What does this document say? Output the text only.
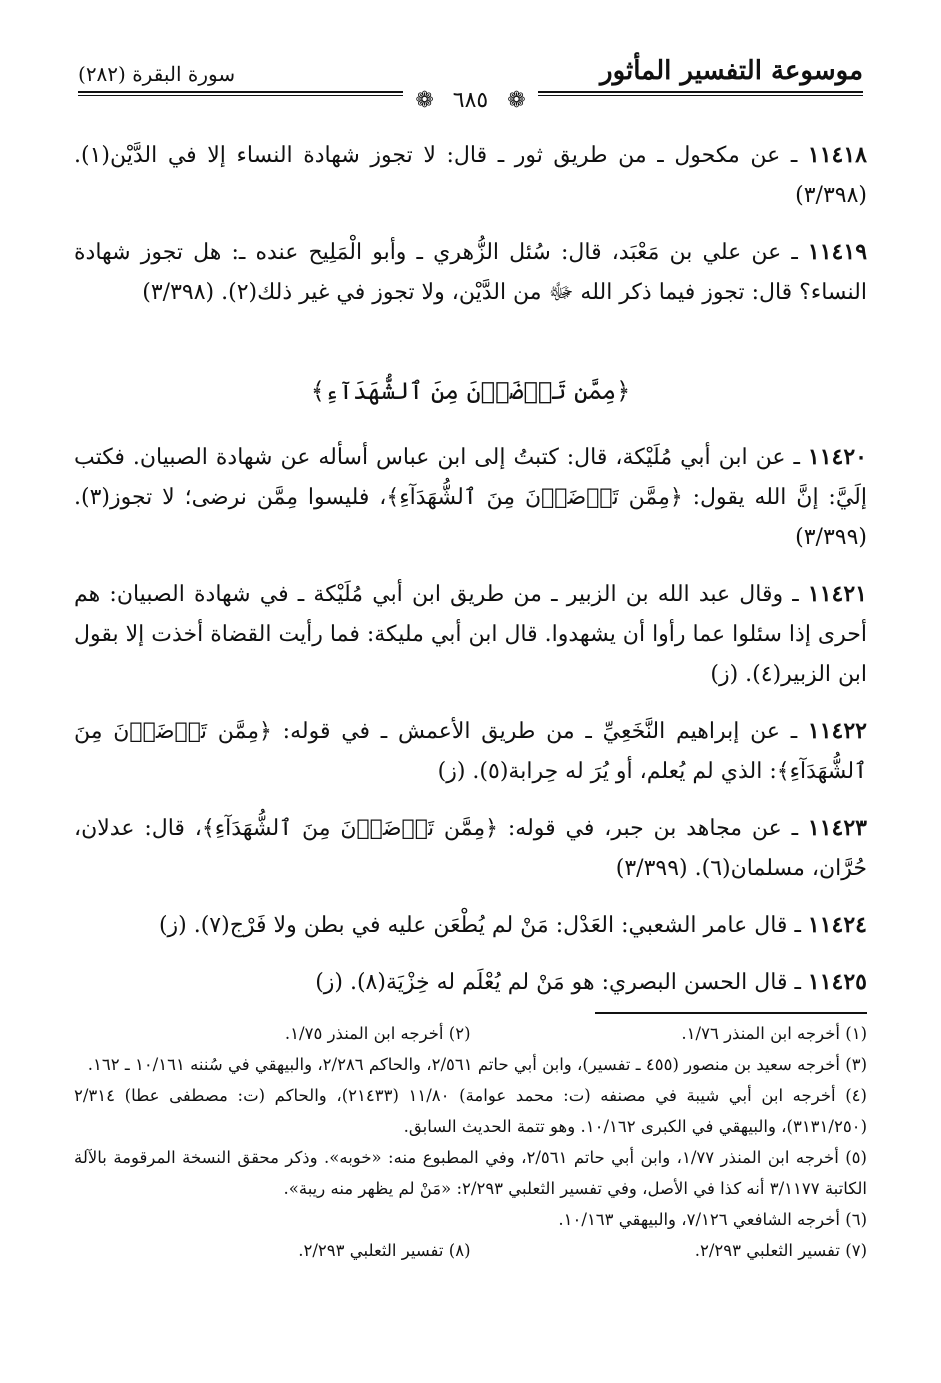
موسوعة التفسير المأثور
سورة البقرة (٢٨٢)
❁ ٦٨٥ ❁

١١٤١٨ ـ عن مكحول ـ من طريق ثور ـ قال: لا تجوز شهادة النساء إلا في الدَّيْن(١). (٣/٣٩٨)

١١٤١٩ ـ عن علي بن مَعْبَد، قال: سُئل الزُّهري ـ وأبو الْمَلِيح عنده ـ: هل تجوز شهادة النساء؟ قال: تجوز فيما ذكر الله ﷻ من الدَّيْن، ولا تجوز في غير ذلك(٢). (٣/٣٩٨)

﴿مِمَّن تَرۡضَوۡنَ مِنَ ٱلشُّهَدَآءِ﴾

١١٤٢٠ ـ عن ابن أبي مُلَيْكة، قال: كتبتُ إلى ابن عباس أسأله عن شهادة الصبيان. فكتب إلَيَّ: إنَّ الله يقول: ﴿مِمَّن تَرۡضَوۡنَ مِنَ ٱلشُّهَدَآءِ﴾، فليسوا مِمَّن نرضى؛ لا تجوز(٣). (٣/٣٩٩)

١١٤٢١ ـ وقال عبد الله بن الزبير ـ من طريق ابن أبي مُلَيْكة ـ في شهادة الصبيان: هم أحرى إذا سئلوا عما رأوا أن يشهدوا. قال ابن أبي مليكة: فما رأيت القضاة أخذت إلا بقول ابن الزبير(٤). (ز)

١١٤٢٢ ـ عن إبراهيم النَّخَعِيِّ ـ من طريق الأعمش ـ في قوله: ﴿مِمَّن تَرۡضَوۡنَ مِنَ ٱلشُّهَدَآءِ﴾: الذي لم يُعلم، أو يُرَ له حِرابة(٥). (ز)

١١٤٢٣ ـ عن مجاهد بن جبر، في قوله: ﴿مِمَّن تَرۡضَوۡنَ مِنَ ٱلشُّهَدَآءِ﴾، قال: عدلان، حُرَّان، مسلمان(٦). (٣/٣٩٩)

١١٤٢٤ ـ قال عامر الشعبي: العَدْل: مَنْ لم يُطْعَن عليه في بطن ولا فَرْج(٧). (ز)

١١٤٢٥ ـ قال الحسن البصري: هو مَنْ لم يُعْلَم له خِزْيَة(٨). (ز)

(١) أخرجه ابن المنذر ١/٧٦.
(٢) أخرجه ابن المنذر ١/٧٥.

(٣) أخرجه سعيد بن منصور (٤٥٥ ـ تفسير)، وابن أبي حاتم ٢/٥٦١، والحاكم ٢/٢٨٦، والبيهقي في سُننه ١٠/١٦١ ـ ١٦٢.

(٤) أخرجه ابن أبي شيبة في مصنفه (ت: محمد عوامة) ١١/٨٠ (٢١٤٣٣)، والحاكم (ت: مصطفى عطا) ٢/٣١٤ (٣١٣١/٢٥٠)، والبيهقي في الكبرى ١٠/١٦٢. وهو تتمة الحديث السابق.

(٥) أخرجه ابن المنذر ١/٧٧، وابن أبي حاتم ٢/٥٦١، وفي المطبوع منه: «خوبه». وذكر محقق النسخة المرقومة بالآلة الكاتبة ٣/١١٧٧ أنه كذا في الأصل، وفي تفسير الثعلبي ٢/٢٩٣: «مَنْ لم يظهر منه ريبة».

(٦) أخرجه الشافعي ٧/١٢٦، والبيهقي ١٠/١٦٣.

(٧) تفسير الثعلبي ٢/٢٩٣.
(٨) تفسير الثعلبي ٢/٢٩٣.
